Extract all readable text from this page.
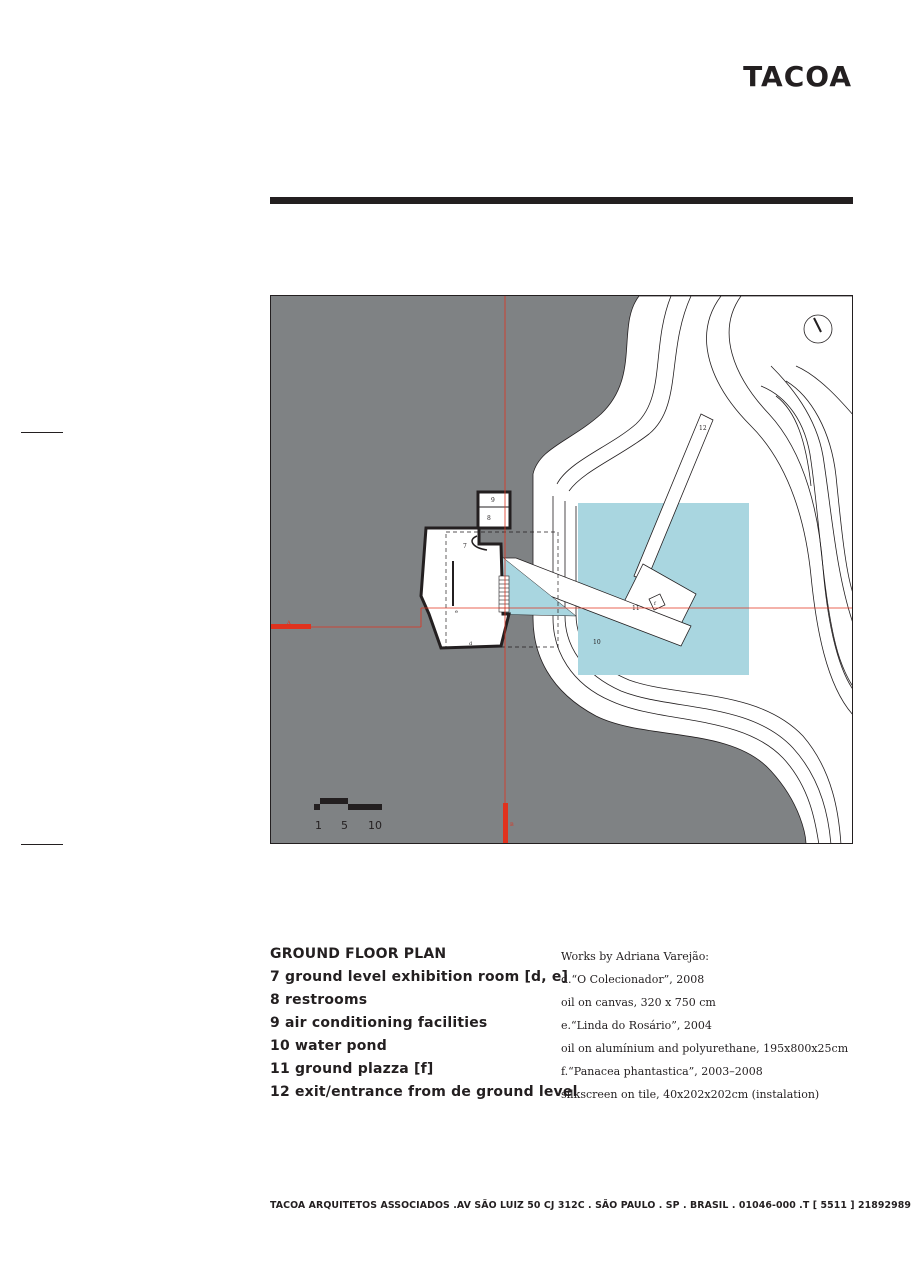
TACOA
10
12
f
11
7
e
d
9
8
A
B
1 5 10
GROUND FLOOR PLAN
7 ground level exhibition room [d, e]
8 restrooms
9 air conditioning facilities
10 water pond
11 ground plazza [f]
12 exit/entrance from de ground level
Works by Adriana Varejão:
d.“O Colecionador”, 2008
oil on canvas, 320 x 750 cm
e.“Linda do Rosário”, 2004
oil on alumínium and polyurethane, 195x800x25cm
f.“Panacea phantastica”, 2003–2008
silkscreen on tile, 40x202x202cm (instalation)
TACOA ARQUITETOS ASSOCIADOS .AV SÃO LUIZ 50 CJ 312C . SÃO PAULO . SP . BRASIL . 01046-000 .T [ 5511 ] 21892989
